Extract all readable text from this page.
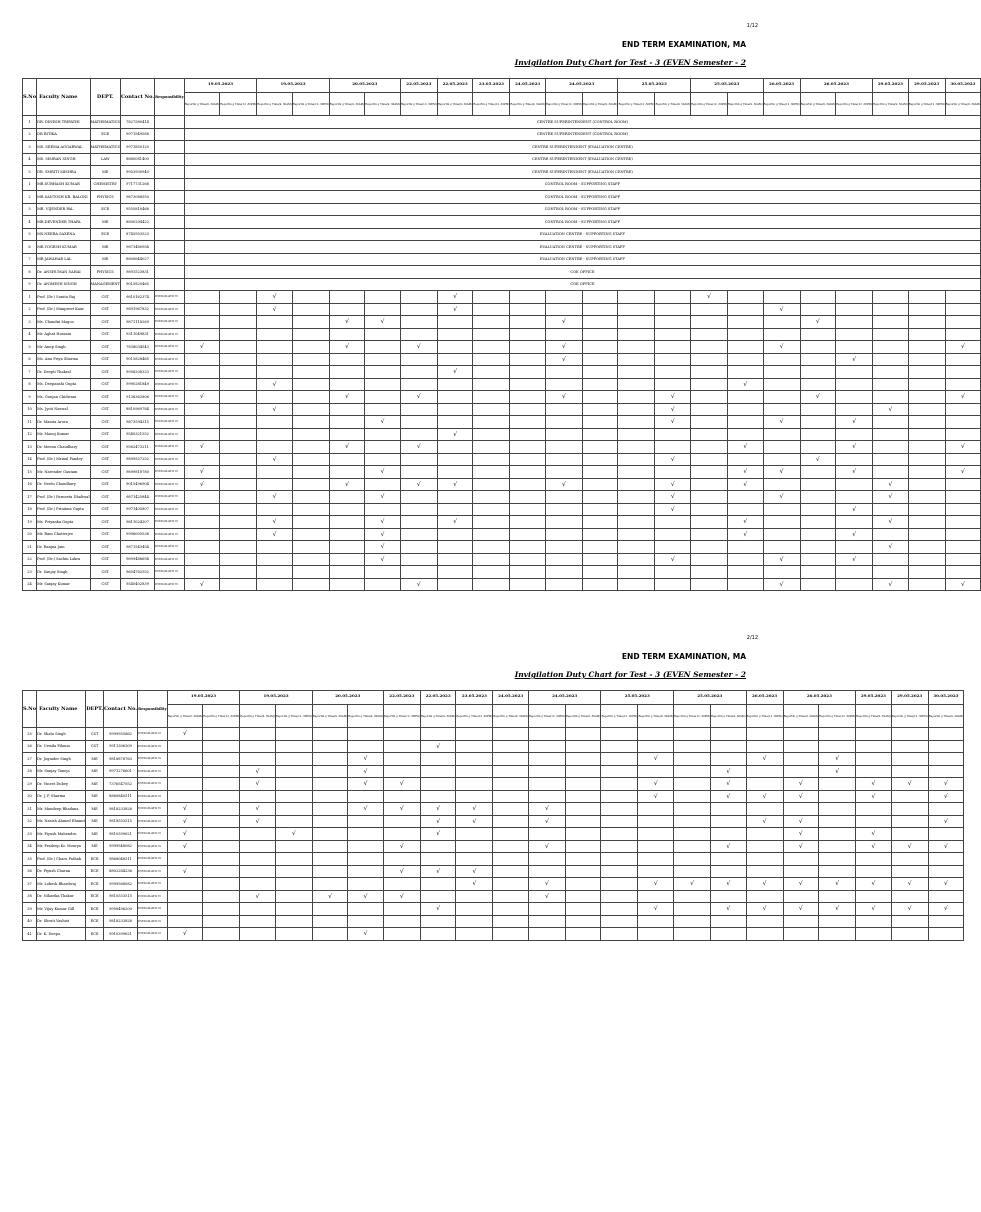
1/12
END TERM EXAMINATION, MA
Invigilation Duty Chart for Test - 3 (EVEN Semester - 2
S.No	Faculty Name	DEPT.	Contact No.	Responsibility	19.05.2023		19.05.2023		20.05.2023		22.05.2023	22.05.2023	23.05.2023	24.05.2023	24.05.2023		25.05.2023		25.05.2023		26.05.2023	26.05.2023		29.05.2023	29.05.2023	30.05.2023
					Reportin g Time(9. 30AM)	Reportin g Time(12 .30PM)	Reportin g Time(9. 30AM)	Reportin g Time(12 .30PM)	Reportin g Time(9. 30AM)	Reportin g Time(9. 30AM)	Reportin g Time(12 .30PM)	Reportin g Time(9. 30AM)	Reportin g Time(12 .30PM)	Reportin g Time(9. 30AM)	Reportin g Time(12 .30PM)	Reportin g Time(9. 30AM)	Reportin g Time(12 .30PM)	Reportin g Time(9. 30AM)	Reportin g Time(12 .30PM)	Reportin g Time(9. 30AM)	Reportin g Time(12 .30PM)	Reportin g Time(9. 30AM)	Reportin g Time(12 .30PM)	Reportin g Time(9. 30AM)	Reportin g Time(12 .30PM)	Reportin g Time(9. 30AM)
1	DR. DINESH TRIPATHI	MATHEMATICS	7827580414		CENTRE SUPERINTENDENT (CONTROL ROOM)																					
2	DR.RITIKA	ECE	9971949588		CENTRE SUPERINTENDENT (CONTROL ROOM)																					
3	MS. SEEMA AGGARWAL	MATHEMATICS	9971850120		CENTRE SUPERINTENDENT (EVALUATION CENTRE)																					
4	MS. SIMRAN SINGH	LAW	8860081400		CENTRE SUPERINTENDENT (EVALUATION CENTRE)																					
5	DR. SMRITI MISHRA	ME	9953930940		CENTRE SUPERINTENDENT (EVALUATION CENTRE)																					
1	MR.SUBHASH KUMAR	CHEMISTRY	9717731268		CONTROL ROOM - SUPPORTING STAFF																					
2	MR.SANTOSH KR. BALONI	PHYSICS	9873088550		CONTROL ROOM - SUPPORTING STAFF																					
3	MR. VIJENDER PAL	ECE	9555810468		CONTROL ROOM - SUPPORTING STAFF																					
4	MR.DEVENDER THAPA	ME	8800294422		CONTROL ROOM - SUPPORTING STAFF																					
5	MS.NEERA SAXENA	ECE	8745953523		EVALUATION CENTRE - SUPPORTING STAFF																					
6	MR.YOGESH KUMAR	ME	9871480954		EVALUATION CENTRE - SUPPORTING STAFF																					
7	MR.JAWAHAR LAL	ME	8800644027		EVALUATION CENTRE - SUPPORTING STAFF																					
8	Dr. ANSHUMAN SAHAI	PHYSICS	9891523831		COE OFFICE																					
9	Dr. ANIMESH SINGH	MANAGEMENT	9015820465		COE OFFICE																					
1	Prof. (Dr.) Sunita Raj	CST	9810162374	INVIGILATO N			√					√							√							
2	Prof. (Dr.) Manpreet Kaur	CST	9891967832	INVIGILATO N			√					√									√					
3	Ms. Chandni Magoo	CST	9871118269	INVIGILATO N					√	√					√							√				
4	Mr. Aghat Hussain	CST	9311049831	INVIGILATO N																						
5	Mr. Anup Singh	CST	7838034543	INVIGILATO N	√				√		√				√						√					√
6	Ms. Anu Priya Sharma	CST	9015828465	INVIGILATO N											√								√			
7	Dr. Deepti Thakral	CST	9958208333	INVIGILATO N								√														
8	Ms. Deepanshi Gupta	CST	9990281849	INVIGILATO N			√													√						
9	Ms. Gunjan Chidwani	CST	9136362806	INVIGILATO N	√				√		√				√			√				√				√
10	Ms. Jyoti Naswal	CST	8810969784	INVIGILATO N			√											√						√		
11	Dr. Mamta Arora	CST	9873594315	INVIGILATO N						√								√			√		√			
12	Mr. Manoj Kumar	CST	9540321552	INVIGILATO N								√														
13	Dr. Meenu Chaudhary	CST	9582473211	INVIGILATO N	√				√		√									√			√			√
14	Prof. (Dr.) Mrinal Pandey	CST	9899557252	INVIGILATO N			√											√				√				
15	Mr. Narender Gautam	CST	9899818780	INVIGILATO N	√					√										√	√		√			√
16	Dr. Neetu Chaudhary	CST	9015496904	INVIGILATO N	√				√		√	√			√			√		√				√		
17	Prof. (Dr.) Parneeta Dhaliwal	CST	9871425844	INVIGILATO N			√			√								√			√			√		
18	Prof. (Dr.) Priniima Gupta	CST	9971405807	INVIGILATO N														√					√			
19	Ms. Priyanka Gupta	CST	9811024307	INVIGILATO N			√			√		√								√				√		
20	Mr. Ram Chatterjee	CST	9996005536	INVIGILATO N			√			√										√			√			
21	Dr. Ranjna Jain	CST	9871543454	INVIGILATO N						√														√		
22	Prof. (Dr.) Sachin Lakra	CST	9899488694	INVIGILATO N						√								√			√		√			
23	Dr. Sanjay Singh	CST	9654782552	INVIGILATO N																						
24	Mr. Sanjay Kumar	CST	9540402839	INVIGILATO N	√						√										√			√		√
2/12
END TERM EXAMINATION, MA
Invigilation Duty Chart for Test - 3 (EVEN Semester - 2
S.No	Faculty Name	DEPT.	Contact No.	Responsibility	19.05.2023		19.05.2023		20.05.2023		22.05.2023	22.05.2023	23.05.2023	24.05.2023	24.05.2023		25.05.2023		25.05.2023		26.05.2023	26.05.2023		29.05.2023	29.05.2023	30.05.2023
					Reportin g Time(9. 30AM)	Reportin g Time(12 .30PM)	Reportin g Time(9. 30AM)	Reportin g Time(12 .30PM)	Reportin g Time(9. 30AM)	Reportin g Time(9. 30AM)	Reportin g Time(12 .30PM)	Reportin g Time(9. 30AM)	Reportin g Time(12 .30PM)	Reportin g Time(9. 30AM)	Reportin g Time(12 .30PM)	Reportin g Time(9. 30AM)	Reportin g Time(12 .30PM)	Reportin g Time(9. 30AM)	Reportin g Time(12 .30PM)	Reportin g Time(9. 30AM)	Reportin g Time(12 .30PM)	Reportin g Time(9. 30AM)	Reportin g Time(12 .30PM)	Reportin g Time(9. 30AM)	Reportin g Time(12 .30PM)	Reportin g Time(9. 30AM)
25	Dr. Shalu Singh	CST	9999955862	INVIGILATO N	√																					
26	Dr. Urmila Pilania	CST	9911306300	INVIGILATO N								√														
27	Dr. Joginder Singh	ME	9818878763	INVIGILATO N						√								√			√		√			
28	Mr. Sanjay Taneja	ME	9971276601	INVIGILATO N			√			√										√			√			
29	Dr. Vineet Dubey	ME	7376547052	INVIGILATO N			√			√	√							√		√		√		√	√	√
30	Dr. J. P. Sharma	ME	8860840511	INVIGILATO N														√		√	√	√		√		√
31	Mr. Mandeep Bhadana	ME	9818233828	INVIGILATO N	√		√			√	√	√	√		√											
32	Mr. Nasish Ahmed Ehamri	ME	9818553515	INVIGILATO N	√		√					√	√		√						√	√				√
33	Mr. Piyush Mahendru	ME	9810399621	INVIGILATO N	√			√				√										√		√		
34	Mr. Pradeep Kr. Mourya	ME	9999548082	INVIGILATO N	√						√				√					√		√		√	√	√
35	Prof. (Dr.) Charu Pathak	ECE	9868048511	INVIGILATO N																						
36	Dr. Piyush Charan	ECE	8802284236	INVIGILATO N	√						√	√	√													
37	Mr. Lokesh Bhardwaj	ECE	9999568082	INVIGILATO N									√		√			√	√	√	√	√	√	√	√	√
38	Dr. Niharika Thakur	ECE	9810553515	INVIGILATO N			√		√	√	√				√											
39	Mr. Vijay Kumar Gill	ECE	9958496200	INVIGILATO N								√						√		√	√	√	√	√	√	√
40	Dr. Shruti Vashist	ECE	9818233828	INVIGILATO N																						
41	Dr. K. Deepa	ECE	9910399621	INVIGILATO N	√					√																
